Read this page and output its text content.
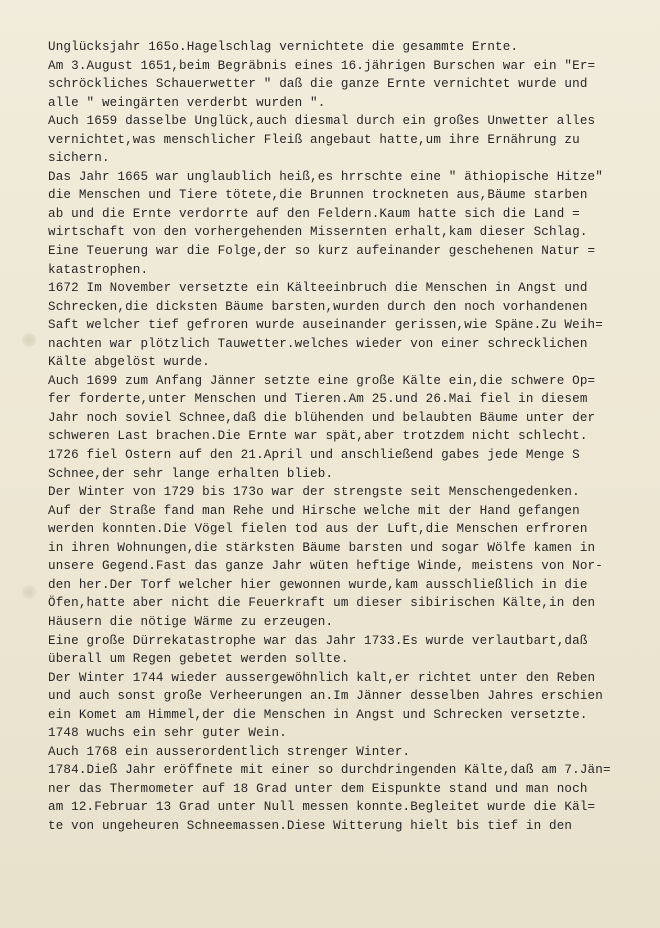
Unglücksjahr 165o.Hagelschlag vernichtete die gesammte Ernte.
Am 3.August 1651,beim Begräbnis eines 16.jährigen Burschen war ein "Er=
schröckliches Schauerwetter " daß die ganze Ernte vernichtet wurde und
alle " weingärten verderbt wurden ".
Auch 1659 dasselbe Unglück,auch diesmal durch ein großes Unwetter alles
vernichtet,was menschlicher Fleiß angebaut hatte,um ihre Ernährung zu
sichern.
Das Jahr 1665 war unglaublich heiß,es hrrschte eine " äthiopische Hitze"
die Menschen und Tiere tötete,die Brunnen trockneten aus,Bäume starben
ab und die Ernte verdorrte auf den Feldern.Kaum hatte sich die Land =
wirtschaft von den vorhergehenden Missernten erhalt,kam dieser Schlag.
Eine Teuerung war die Folge,der so kurz aufeinander geschehenen Natur =
katastrophen.
1672 Im November versetzte ein Kälteeinbruch die Menschen in Angst und
Schrecken,die dicksten Bäume barsten,wurden durch den noch vorhandenen
Saft welcher tief gefroren wurde auseinander gerissen,wie Späne.Zu Weih=
nachten war plötzlich Tauwetter.welches wieder von einer schrecklichen
Kälte abgelöst wurde.
Auch 1699 zum Anfang Jänner setzte eine große Kälte ein,die schwere Op=
fer forderte,unter Menschen und Tieren.Am 25.und 26.Mai fiel in diesem
Jahr noch soviel Schnee,daß die blühenden und belaubten Bäume unter der
schweren Last brachen.Die Ernte war spät,aber trotzdem nicht schlecht.
1726 fiel Ostern auf den 21.April und anschließend gabes jede Menge S
Schnee,der sehr lange erhalten blieb.
Der Winter von 1729 bis 173o war der strengste seit Menschengedenken.
Auf der Straße fand man Rehe und Hirsche welche mit der Hand gefangen
werden konnten.Die Vögel fielen tod aus der Luft,die Menschen erfroren
in ihren Wohnungen,die stärksten Bäume barsten und sogar Wölfe kamen in
unsere Gegend.Fast das ganze Jahr wüten heftige Winde, meistens von Nor-
den her.Der Torf welcher hier gewonnen wurde,kam ausschließlich in die
Öfen,hatte aber nicht die Feuerkraft um dieser sibirischen Kälte,in den
Häusern die nötige Wärme zu erzeugen.
Eine große Dürrekatastrophe war das Jahr 1733.Es wurde verlautbart,daß
überall um Regen gebetet werden sollte.
Der Winter 1744 wieder aussergewöhnlich kalt,er richtet unter den Reben
und auch sonst große Verheerungen an.Im Jänner desselben Jahres erschien
ein Komet am Himmel,der die Menschen in Angst und Schrecken versetzte.
1748 wuchs ein sehr guter Wein.
Auch 1768 ein ausserordentlich strenger Winter.
1784.Dieß Jahr eröffnete mit einer so durchdringenden Kälte,daß am 7.Jän=
ner das Thermometer auf 18 Grad unter dem Eispunkte stand und man noch
am 12.Februar 13 Grad unter Null messen konnte.Begleitet wurde die Käl=
te von ungeheuren Schneemassen.Diese Witterung hielt bis tief in den
